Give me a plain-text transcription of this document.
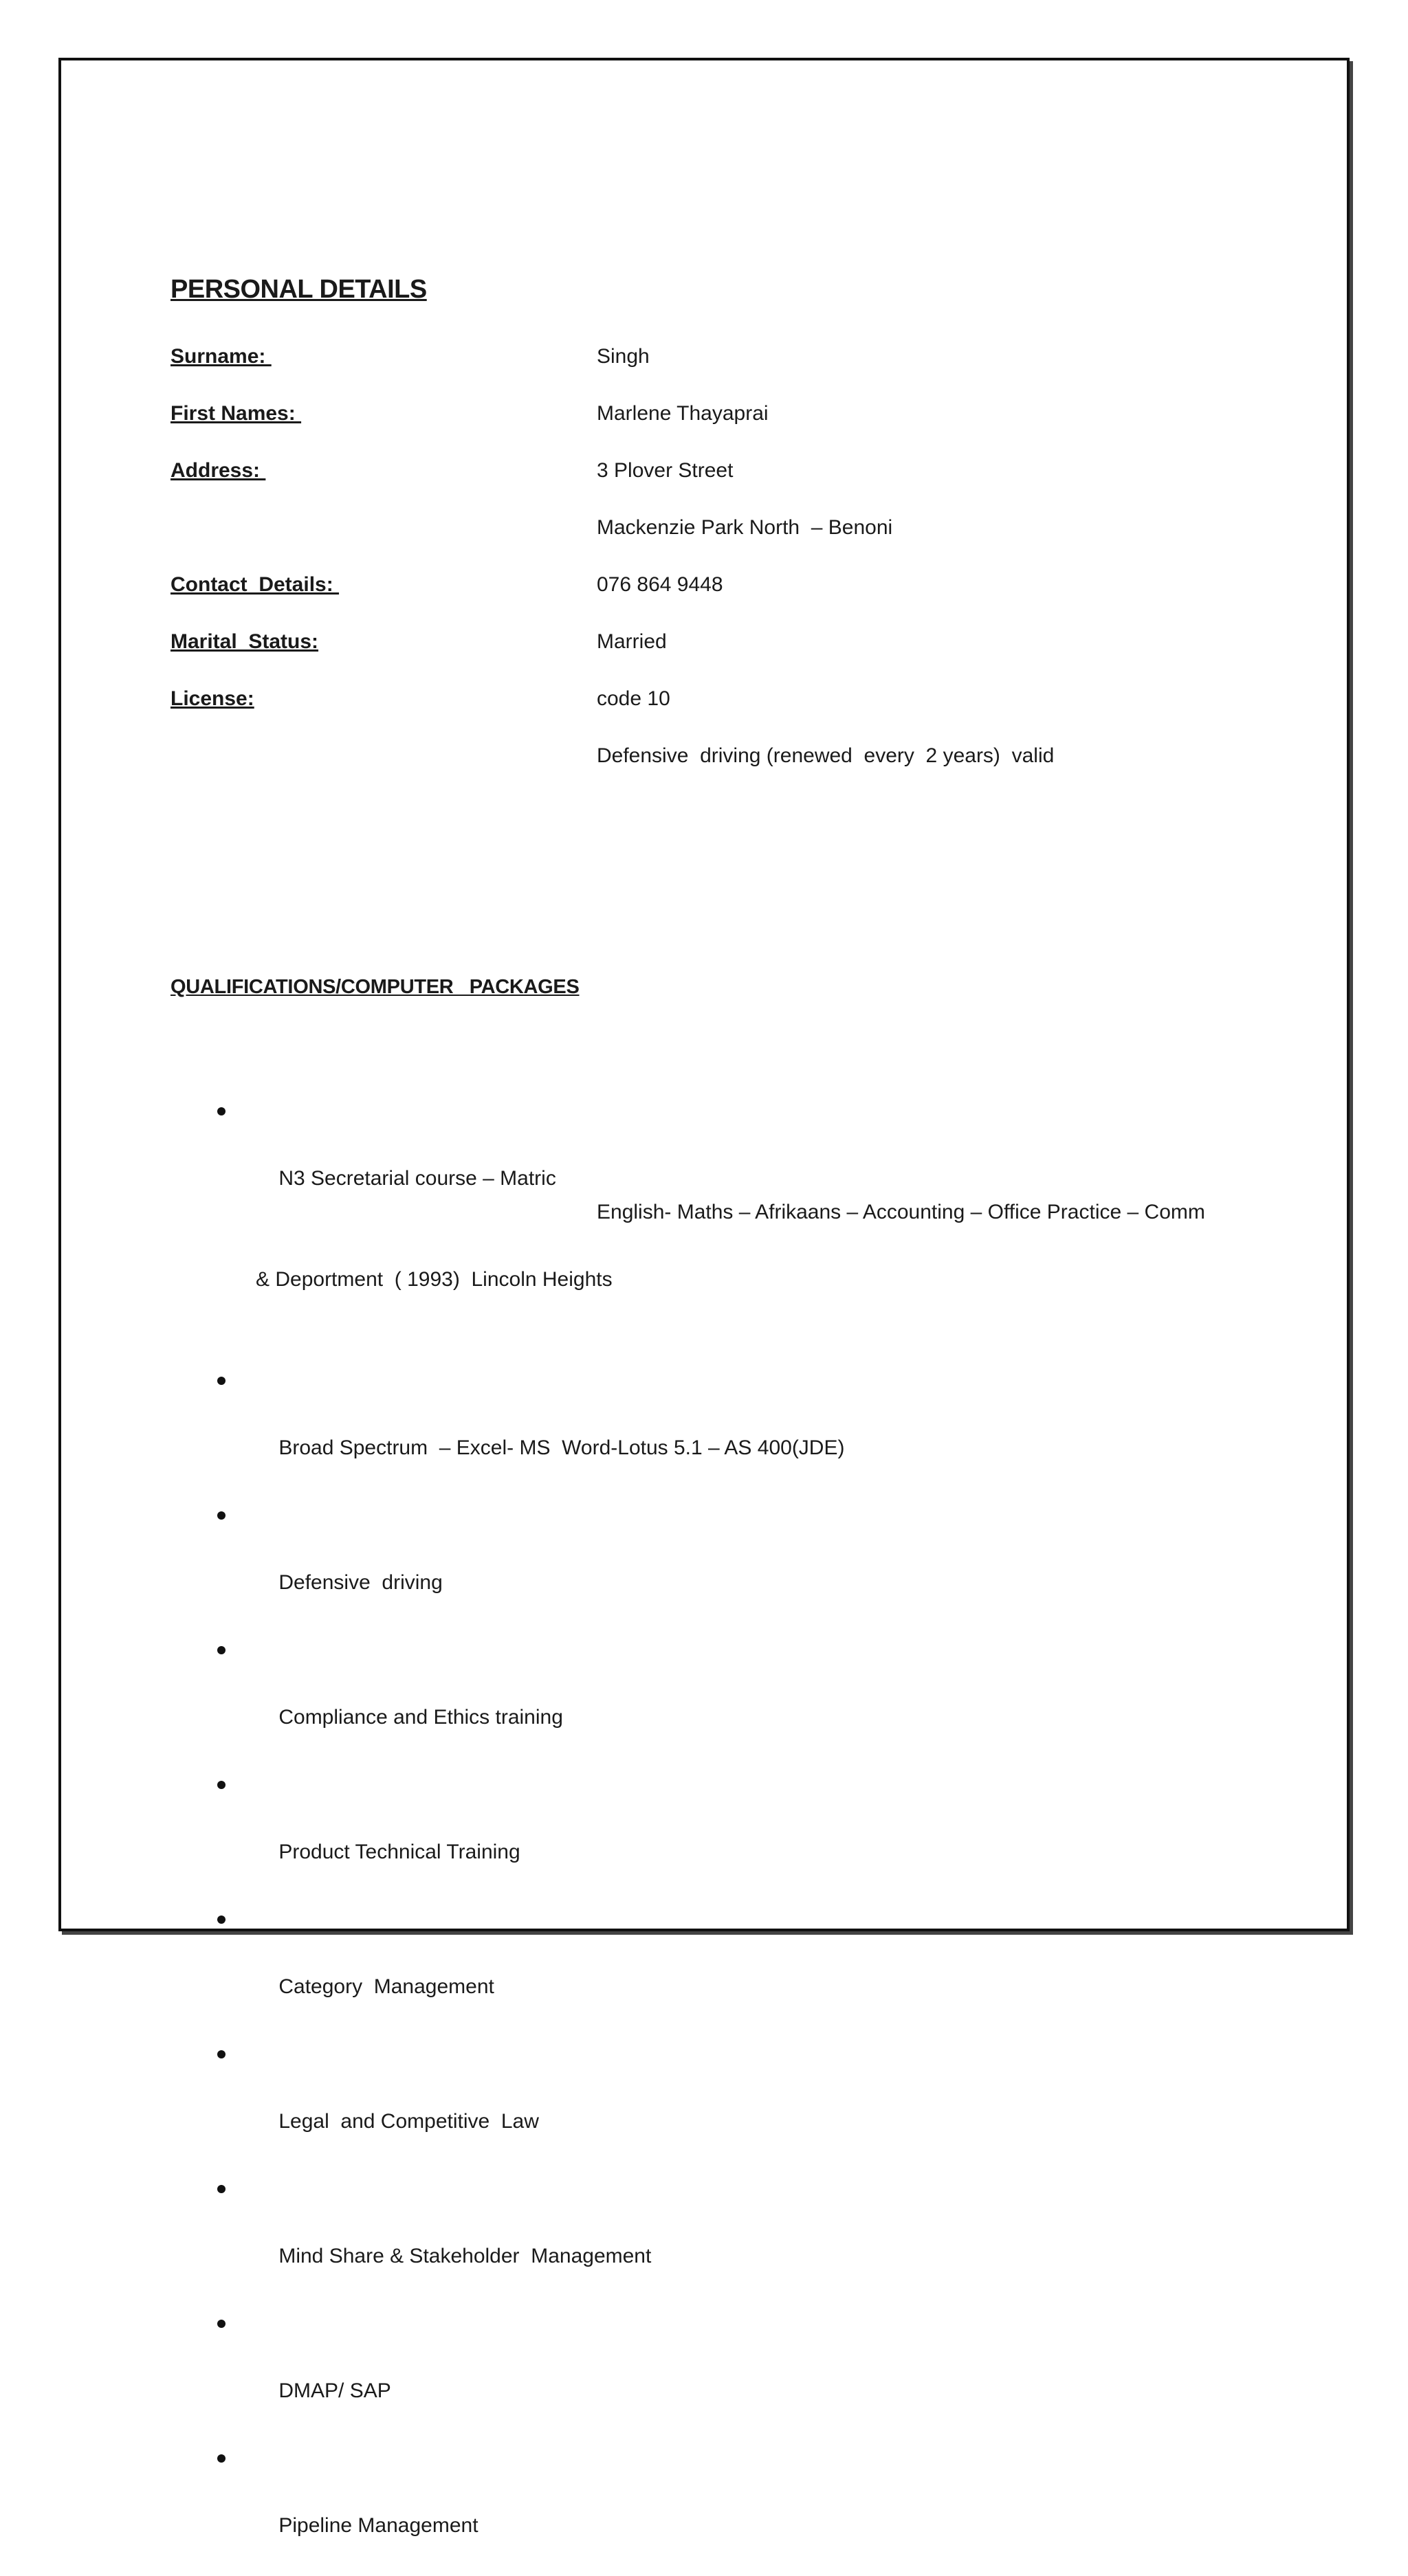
PERSONAL DETAILS
Surname:	Singh
First Names:	Marlene Thayaprai
Address:	3 Plover Street
Mackenzie Park North  – Benoni
Contact  Details:	076 864 9448
Marital  Status:	Married
License:	code 10
Defensive  driving (renewed  every  2 years)  valid
QUALIFICATIONS/COMPUTER   PACKAGES

N3 Secretarial course – Matric

English- Maths – Afrikaans – Accounting – Office Practice – Comm

& Deportment  ( 1993)  Lincoln Heights

Broad Spectrum  – Excel- MS  Word-Lotus 5.1 – AS 400(JDE)

Defensive  driving

Compliance and Ethics training

Product Technical Training

Category  Management

Legal  and Competitive  Law

Mind Share & Stakeholder  Management

DMAP/ SAP

Pipeline Management
